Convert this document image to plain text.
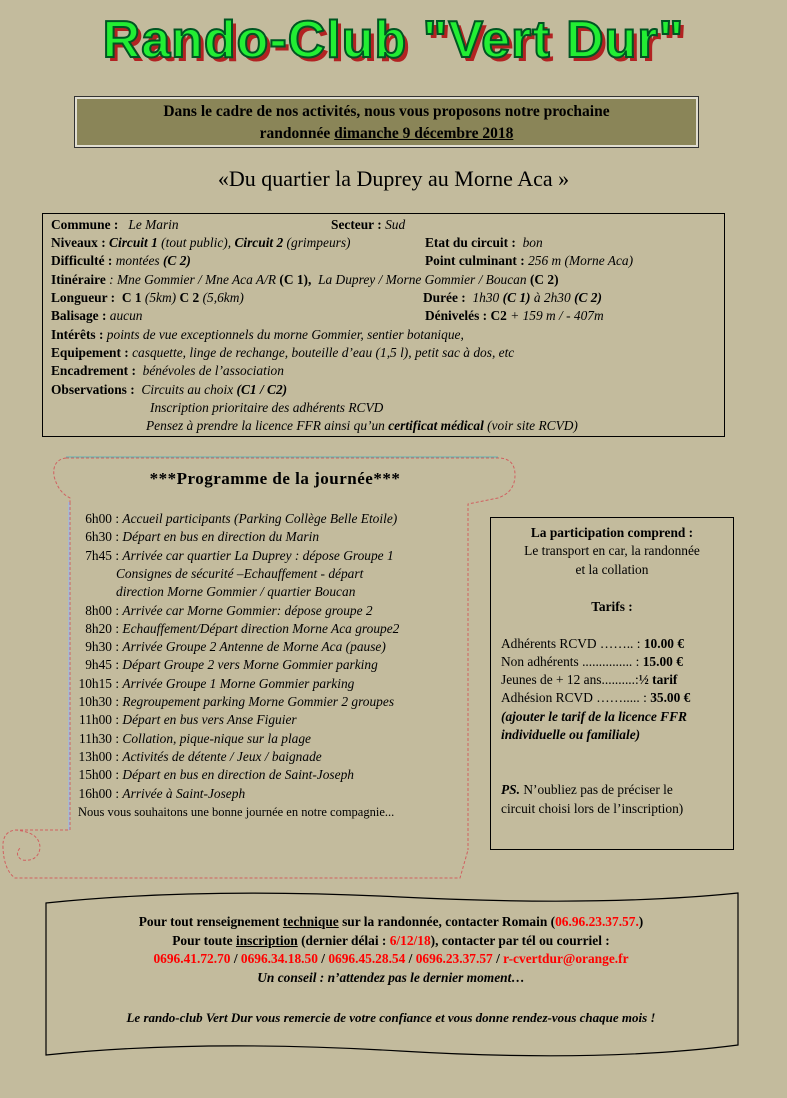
Rando-Club "Vert Dur"
Dans le cadre de nos activités, nous vous proposons notre prochaine
randonnée dimanche 9 décembre 2018
«Du quartier la Duprey au Morne Aca »
Commune : Le Marin	Secteur : Sud
Niveaux : Circuit 1 (tout public), Circuit 2 (grimpeurs)	Etat du circuit : bon
Difficulté : montées (C 2)	Point culminant : 256 m (Morne Aca)
Itinéraire : Mne Gommier / Mne Aca A/R (C 1), La Duprey / Morne Gommier / Boucan (C 2)
Longueur : C 1 (5km) C 2 (5,6km)	Durée : 1h30 (C 1) à 2h30 (C 2)
Balisage : aucun	Dénivelés : C2 + 159 m / - 407m
Intérêts : points de vue exceptionnels du morne Gommier, sentier botanique,
Equipement : casquette, linge de rechange, bouteille d’eau (1,5 l), petit sac à dos, etc
Encadrement : bénévoles de l’association
Observations : Circuits au choix (C1 / C2)
Inscription prioritaire des adhérents RCVD
Pensez à prendre la licence FFR ainsi qu’un certificat médical (voir site RCVD)
***Programme de la journée***
6h00 : Accueil participants (Parking Collège Belle Etoile)
6h30 : Départ en bus en direction du Marin
7h45 : Arrivée car quartier La Duprey : dépose Groupe 1
Consignes de sécurité –Echauffement - départ
direction Morne Gommier / quartier Boucan
8h00 : Arrivée car Morne Gommier: dépose groupe 2
8h20 : Echauffement/Départ direction Morne Aca groupe2
9h30 : Arrivée Groupe 2 Antenne de Morne Aca (pause)
9h45 : Départ Groupe 2 vers Morne Gommier parking
10h15 : Arrivée Groupe 1 Morne Gommier parking
10h30 : Regroupement parking Morne Gommier 2 groupes
11h00 : Départ en bus vers Anse Figuier
11h30 : Collation, pique-nique sur la plage
13h00 : Activités de détente / Jeux / baignade
15h00 : Départ en bus en direction de Saint-Joseph
16h00 : Arrivée à Saint-Joseph
Nous vous souhaitons une bonne journée en notre compagnie...
La participation comprend :
Le transport en car, la randonnée
et la collation
Tarifs :
Adhérents RCVD …….. : 10.00 €
Non adhérents ............... : 15.00 €
Jeunes de + 12 ans..........:½ tarif
Adhésion RCVD ……..... : 35.00 €
(ajouter le tarif de la licence FFR
individuelle ou familiale)
PS. N’oubliez pas de préciser le
circuit choisi lors de l’inscription)
Pour tout renseignement technique sur la randonnée, contacter Romain (06.96.23.37.57.)
Pour toute inscription (dernier délai : 6/12/18), contacter par tél ou courriel :
0696.41.72.70 / 0696.34.18.50 / 0696.45.28.54 / 0696.23.37.57 / r-cvertdur@orange.fr
Un conseil : n’attendez pas le dernier moment…
Le rando-club Vert Dur vous remercie de votre confiance et vous donne rendez-vous chaque mois !
